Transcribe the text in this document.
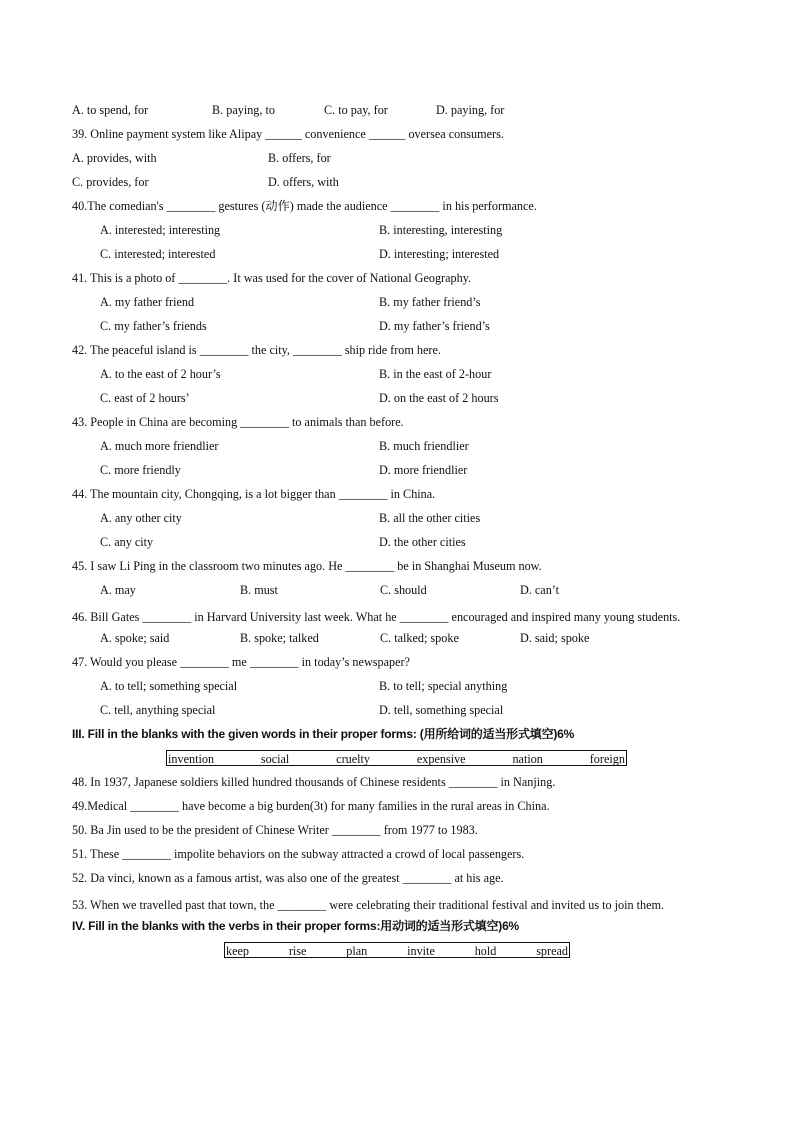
A. to spend, for	B. paying, to	C. to pay, for	D. paying, for
39. Online payment system like Alipay ______ convenience ______ oversea consumers.
A. provides, with	B. offers, for
C. provides, for	D. offers, with
40.The comedian's ________ gestures (动作) made the audience ________ in his performance.
A. interested; interesting	B. interesting, interesting
C. interested; interested	D. interesting; interested
41. This is a photo of ________. It was used for the cover of National Geography.
A. my father friend	B. my father friend’s
C. my father’s friends	D. my father’s friend’s
42. The peaceful island is ________ the city, ________ ship ride from here.
A. to the east of 2 hour’s	B. in the east of 2-hour
C. east of 2 hours’	D. on the east of 2 hours
43. People in China are becoming ________ to animals than before.
A. much more friendlier	B. much friendlier
C. more friendly	D. more friendlier
44. The mountain city, Chongqing, is a lot bigger than ________ in China.
A. any other city	B. all the other cities
C. any city	D. the other cities
45. I saw Li Ping in the classroom two minutes ago. He ________ be in Shanghai Museum now.
A. may	B. must	C. should	D. can’t
46. Bill Gates ________ in Harvard University last week. What he ________ encouraged and inspired many young students.
A. spoke; said	B. spoke; talked	C. talked; spoke	D. said; spoke
47. Would you please ________ me ________ in today’s newspaper?
A. to tell; something special	B. to tell; special anything
C. tell, anything special	D. tell, something special
III. Fill in the blanks with the given words in their proper forms: (用所给词的适当形式填空)6%
invention	social	cruelty	expensive	nation	foreign
48. In 1937, Japanese soldiers killed hundred thousands of Chinese residents ________ in Nanjing.
49.Medical ________ have become a big burden(3t) for many families in the rural areas in China.
50. Ba Jin used to be the president of Chinese Writer ________ from 1977 to 1983.
51. These ________ impolite behaviors on the subway attracted a crowd of local passengers.
52. Da vinci, known as a famous artist, was also one of the greatest ________ at his age.
53. When we travelled past that town, the ________ were celebrating their traditional festival and invited us to join them.
IV. Fill in the blanks with the verbs in their proper forms:用动词的适当形式填空)6%
keep	rise	plan	invite	hold	spread
